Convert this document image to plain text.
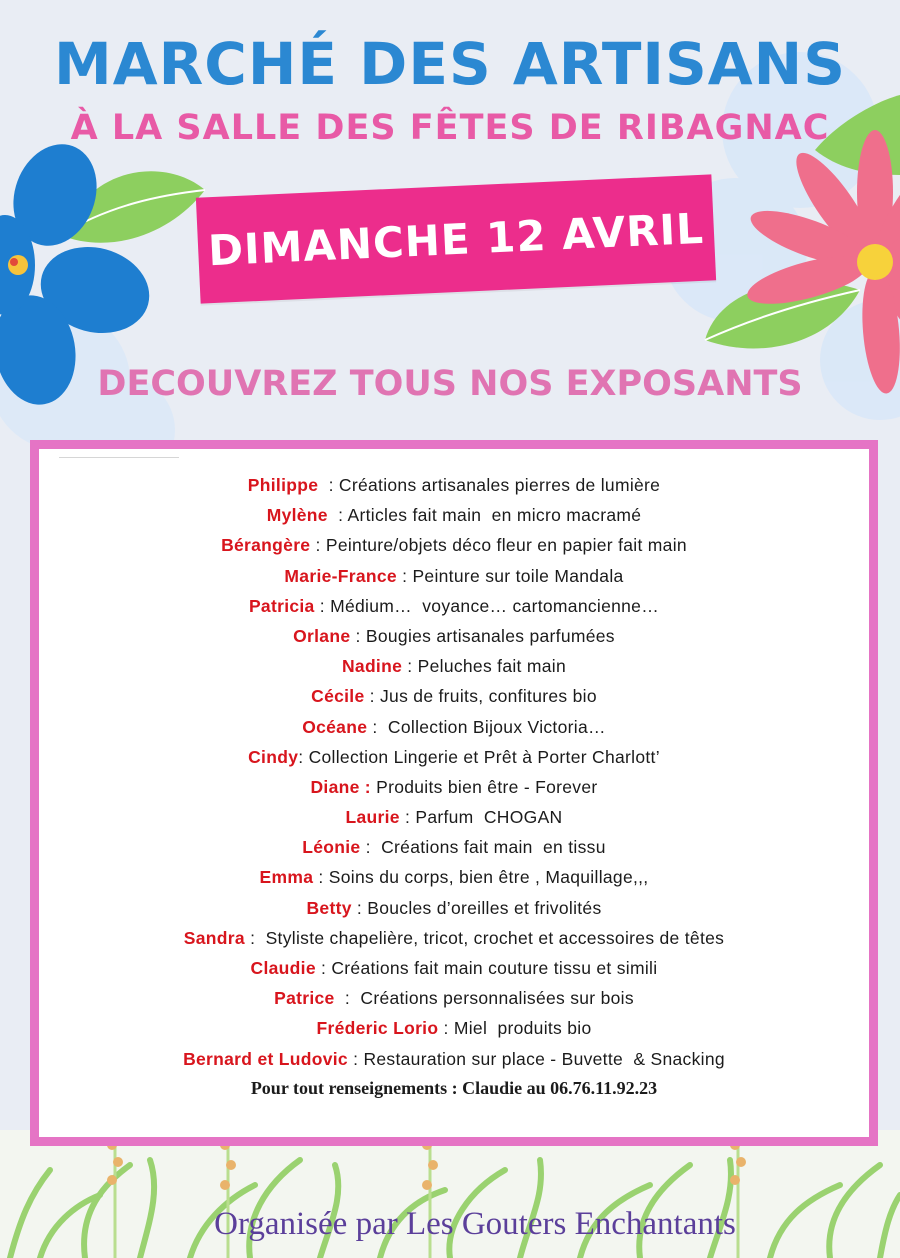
MARCHÉ DES ARTISANS
À LA SALLE DES FÊTES DE RIBAGNAC
DIMANCHE 12 AVRIL
DECOUVREZ TOUS NOS EXPOSANTS
Philippe  : Créations artisanales pierres de lumière
Mylène  : Articles fait main  en micro macramé
Bérangère : Peinture/objets déco fleur en papier fait main
Marie-France : Peinture sur toile Mandala
Patricia : Médium…  voyance… cartomancienne…
Orlane : Bougies artisanales parfumées
Nadine : Peluches fait main
Cécile : Jus de fruits, confitures bio
Océane :  Collection Bijoux Victoria…
Cindy: Collection Lingerie et Prêt à Porter Charlott’
Diane : Produits bien être - Forever
Laurie : Parfum  CHOGAN
Léonie :  Créations fait main  en tissu
Emma : Soins du corps, bien être , Maquillage,,,
Betty : Boucles d’oreilles et frivolités
Sandra :  Styliste chapelière, tricot, crochet et accessoires de têtes
Claudie : Créations fait main couture tissu et simili
Patrice  :  Créations personnalisées sur bois
Fréderic Lorio : Miel  produits bio
Bernard et Ludovic : Restauration sur place - Buvette  & Snacking
Pour tout renseignements : Claudie au 06.76.11.92.23
Organisée par Les Gouters Enchantants
